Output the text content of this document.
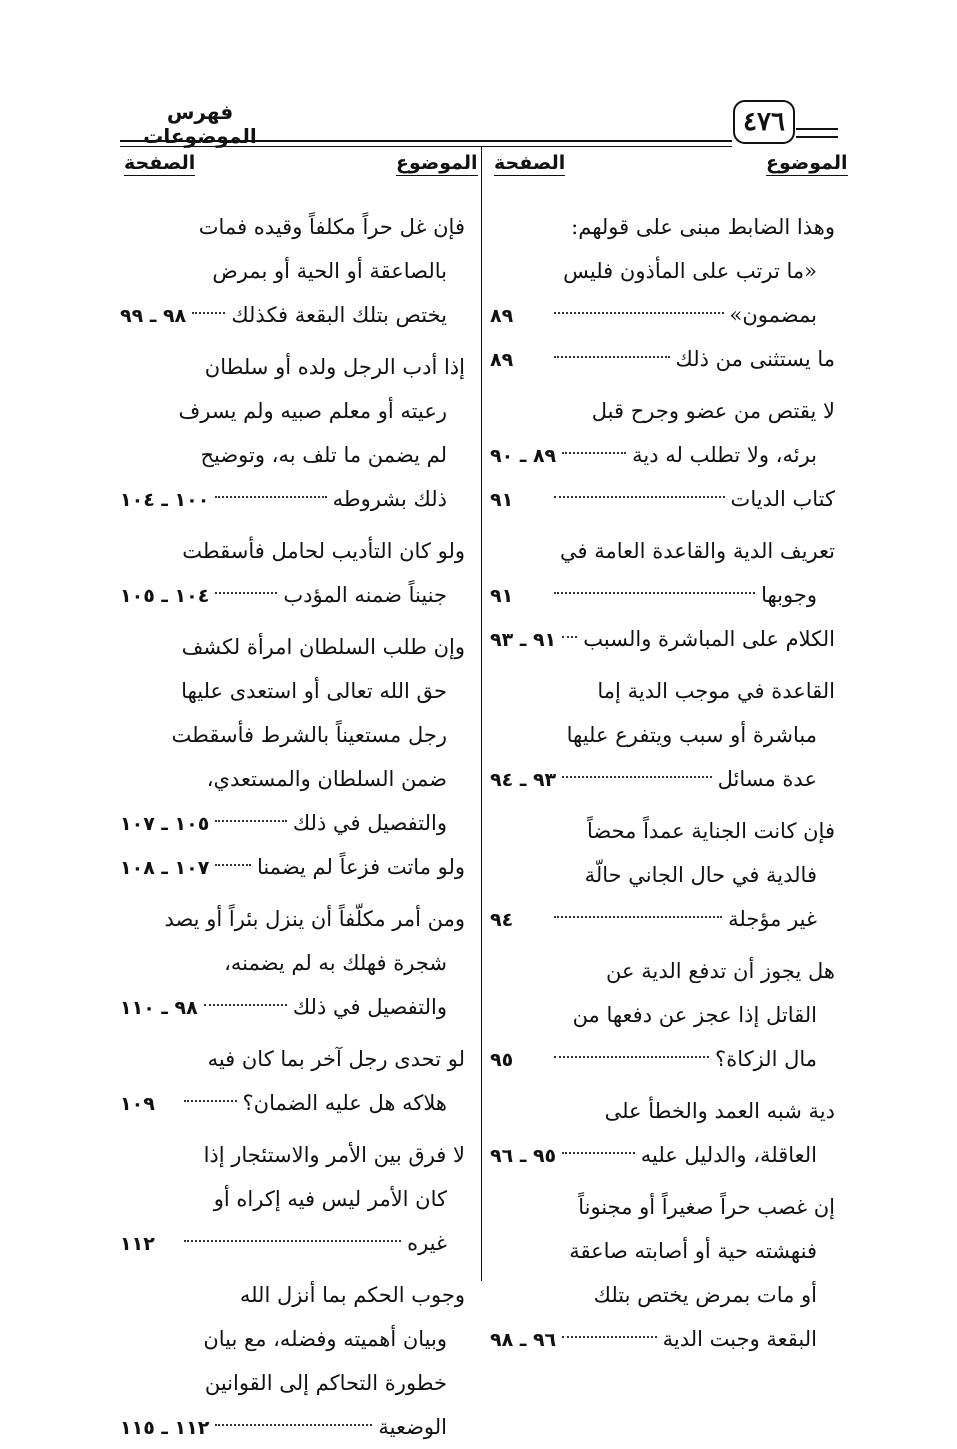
٤٧٦
فهرس الموضوعات
الموضوع
الصفحة
الموضوع
الصفحة
وهذا الضابط مبنى على قولهم:
«ما ترتب على المأذون فليس
بمضمون»
٨٩
ما يستثنى من ذلك
٨٩
لا يقتص من عضو وجرح قبل
برئه، ولا تطلب له دية
٨٩ ـ ٩٠
كتاب الديات
٩١
تعريف الدية والقاعدة العامة في
وجوبها
٩١
الكلام على المباشرة والسبب
٩١ ـ ٩٣
القاعدة في موجب الدية إما
مباشرة أو سبب ويتفرع عليها
عدة مسائل
٩٣ ـ ٩٤
فإن كانت الجناية عمداً محضاً
فالدية في حال الجاني حالّة
غير مؤجلة
٩٤
هل يجوز أن تدفع الدية عن
القاتل إذا عجز عن دفعها من
مال الزكاة؟
٩٥
دية شبه العمد والخطأ على
العاقلة، والدليل عليه
٩٥ ـ ٩٦
إن غصب حراً صغيراً أو مجنوناً
فنهشته حية أو أصابته صاعقة
أو مات بمرض يختص بتلك
البقعة وجبت الدية
٩٦ ـ ٩٨
فإن غل حراً مكلفاً وقيده فمات
بالصاعقة أو الحية أو بمرض
يختص بتلك البقعة فكذلك
٩٨ ـ ٩٩
إذا أدب الرجل ولده أو سلطان
رعيته أو معلم صبيه ولم يسرف
لم يضمن ما تلف به، وتوضيح
ذلك بشروطه
١٠٠ ـ ١٠٤
ولو كان التأديب لحامل فأسقطت
جنيناً ضمنه المؤدب
١٠٤ ـ ١٠٥
وإن طلب السلطان امرأة لكشف
حق الله تعالى أو استعدى عليها
رجل مستعيناً بالشرط فأسقطت
ضمن السلطان والمستعدي،
والتفصيل في ذلك
١٠٥ ـ ١٠٧
ولو ماتت فزعاً لم يضمنا
١٠٧ ـ ١٠٨
ومن أمر مكلّفاً أن ينزل بئراً أو يصد
شجرة فهلك به لم يضمنه،
والتفصيل في ذلك
٩٨ ـ ١١٠
لو تحدى رجل آخر بما كان فيه
هلاكه هل عليه الضمان؟
١٠٩
لا فرق بين الأمر والاستئجار إذا
كان الأمر ليس فيه إكراه أو
غيره
١١٢
وجوب الحكم بما أنزل الله
وبيان أهميته وفضله، مع بيان
خطورة التحاكم إلى القوانين
الوضعية
١١٢ ـ ١١٥
